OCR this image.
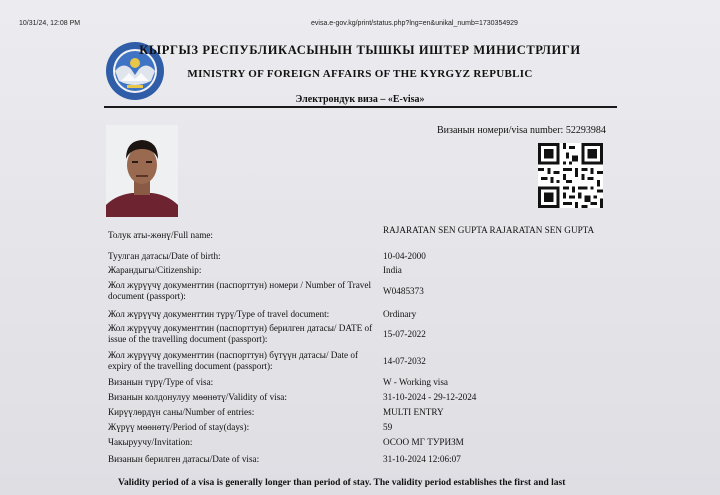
10/31/24, 12:08 PM	evisa.e-gov.kg/print/status.php?lng=en&unikal_numb=1730354929
КЫРГЫЗ РЕСПУБЛИКАСЫНЫН ТЫШКЫ ИШТЕР МИНИСТРЛИГИ
MINISTRY OF FOREIGN AFFAIRS OF THE KYRGYZ REPUBLIC
Электрондук виза – «E-visa»
Визанын номери/visa number: 52293984
Толук аты-жөнү/Full name:	RAJARATAN SEN GUPTA RAJARATAN SEN GUPTA
Туулган датасы/Date of birth:	10-04-2000
Жарандыгы/Citizenship:	India
Жол жүрүүчү документтин (паспорттун) номери / Number of Travel document (passport):	W0485373
Жол жүрүүчү документтин түрү/Type of travel document:	Ordinary
Жол жүрүүчү документтин (паспорттун) берилген датасы/ DATE of issue of the travelling document (passport):	15-07-2022
Жол жүрүүчү документтин (паспорттун) бүтүүн датасы/ Date of expiry of the travelling document (passport):	14-07-2032
Визанын түрү/Type of visa:	W - Working visa
Визанын колдонулуу мөөнөтү/Validity of visa:	31-10-2024 - 29-12-2024
Кирүүлөрдүн саны/Number of entries:	MULTI ENTRY
Жүрүү мөөнөтү/Period of stay(days):	59
Чакыруучу/Invitation:	ОСОО МГ ТУРИЗМ
Визанын берилген датасы/Date of visa:	31-10-2024 12:06:07
Validity period of a visa is generally longer than period of stay. The validity period establishes the first and last
